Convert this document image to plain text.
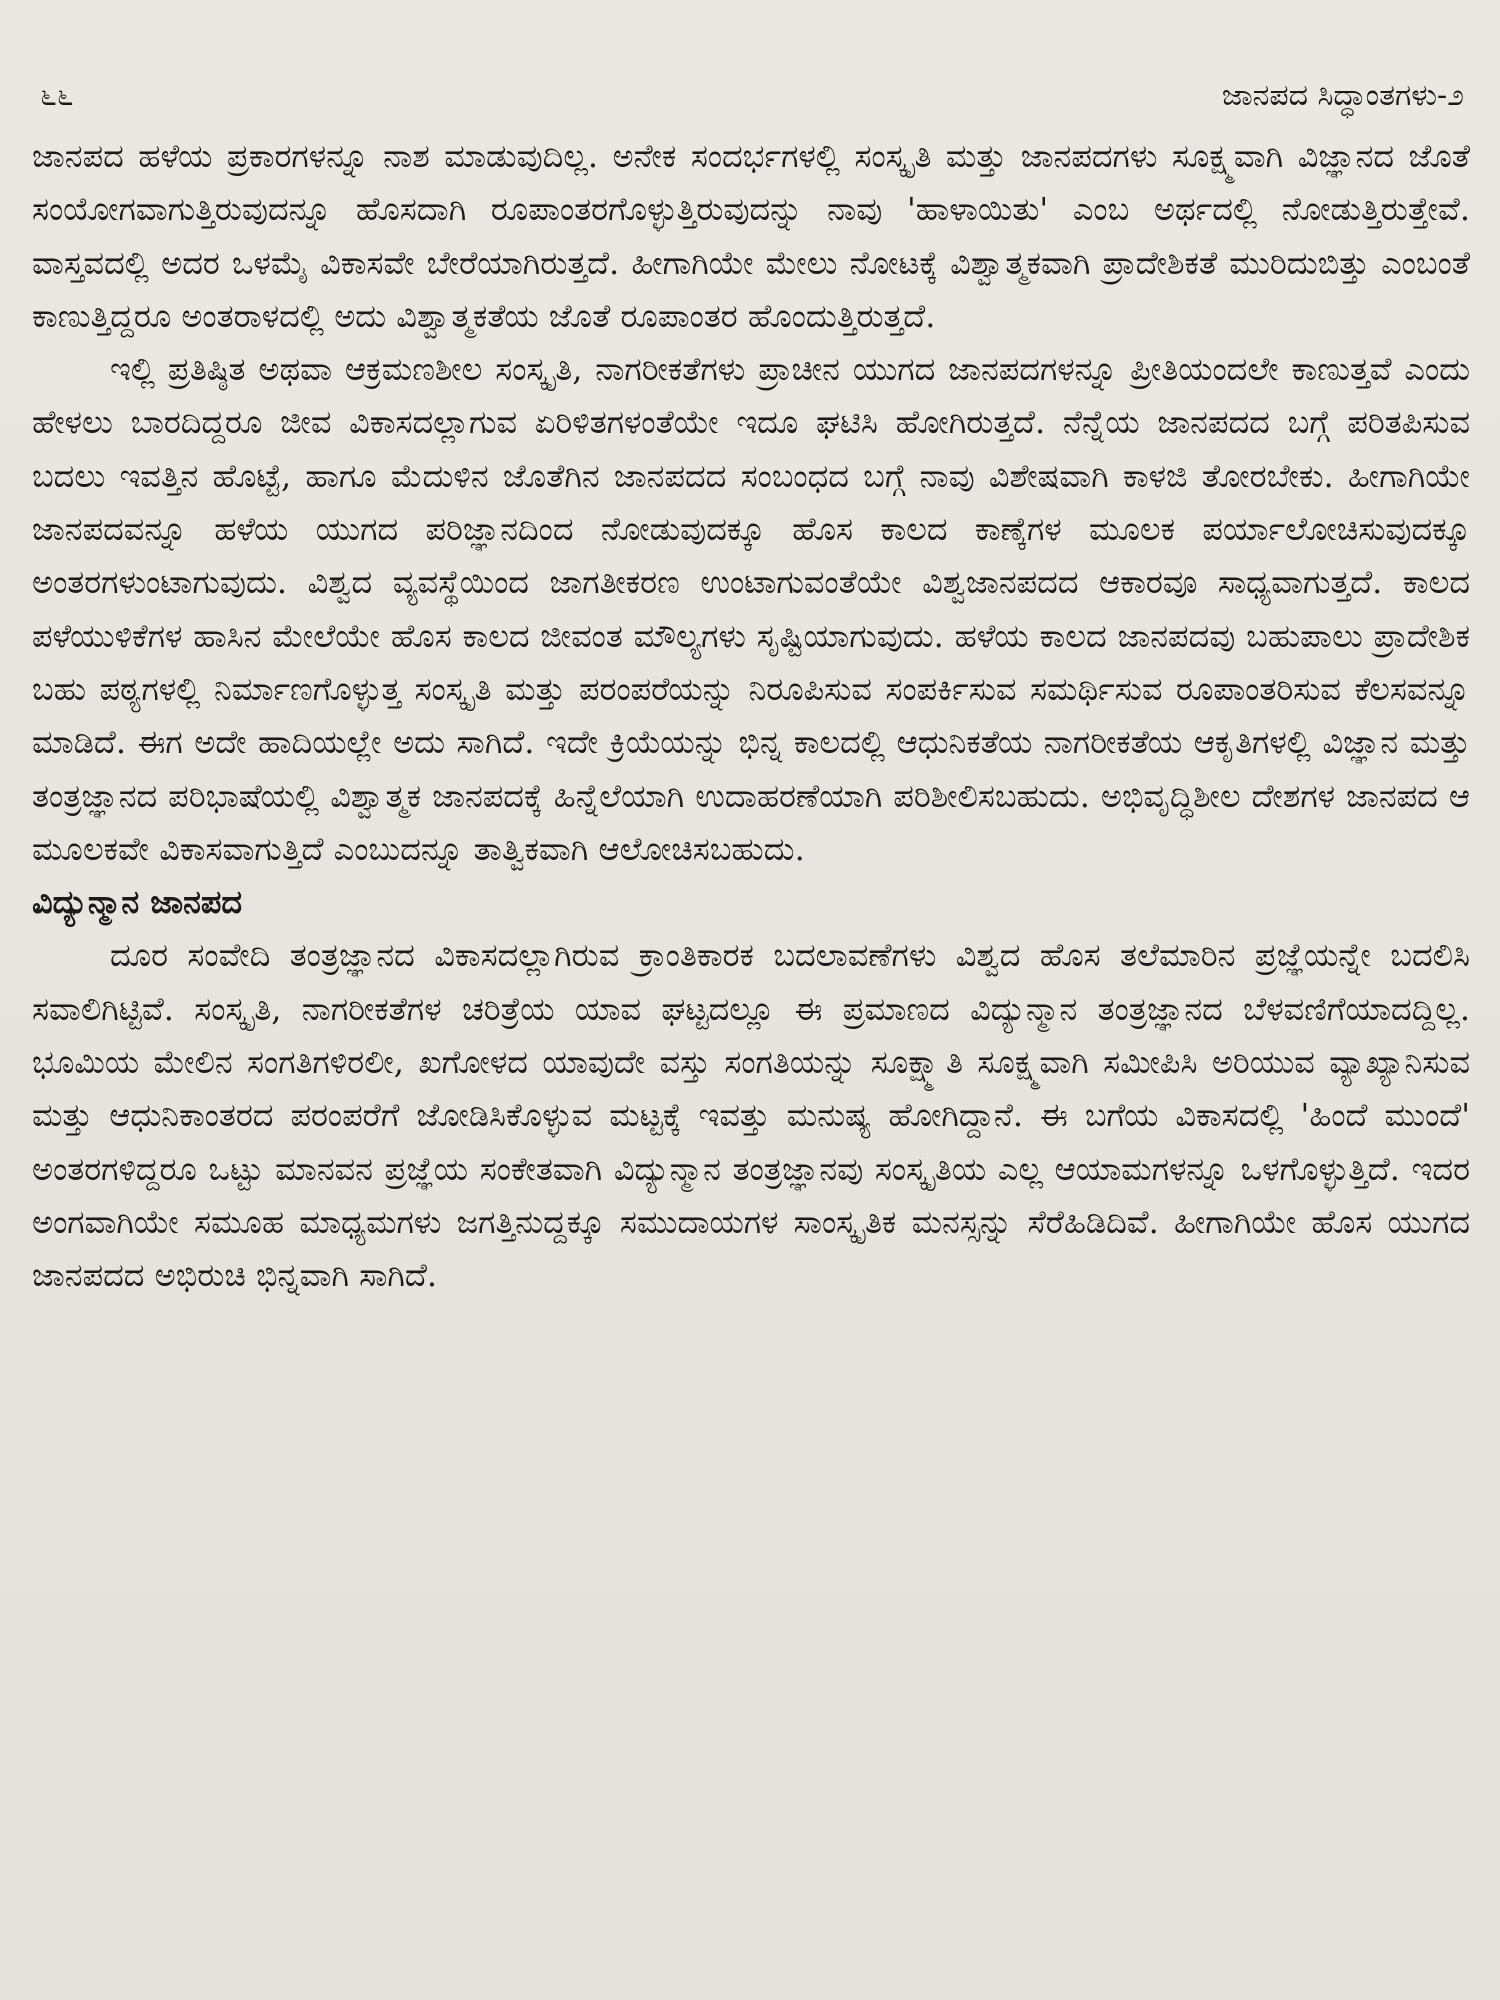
೬೬	ಜಾನಪದ ಸಿದ್ಧಾಂತಗಳು-೨

ಜಾನಪದ ಹಳೆಯ ಪ್ರಕಾರಗಳನ್ನೂ ನಾಶ ಮಾಡುವುದಿಲ್ಲ. ಅನೇಕ ಸಂದರ್ಭಗಳಲ್ಲಿ ಸಂಸ್ಕೃತಿ ಮತ್ತು ಜಾನಪದಗಳು ಸೂಕ್ಷ್ಮವಾಗಿ ವಿಜ್ಞಾನದ ಜೊತೆ ಸಂಯೋಗವಾಗುತ್ತಿರುವುದನ್ನೂ ಹೊಸದಾಗಿ ರೂಪಾಂತರಗೊಳ್ಳುತ್ತಿರುವುದನ್ನು ನಾವು 'ಹಾಳಾಯಿತು' ಎಂಬ ಅರ್ಥದಲ್ಲಿ ನೋಡುತ್ತಿರುತ್ತೇವೆ. ವಾಸ್ತವದಲ್ಲಿ ಅದರ ಒಳಮೈ ವಿಕಾಸವೇ ಬೇರೆಯಾಗಿರುತ್ತದೆ. ಹೀಗಾಗಿಯೇ ಮೇಲು ನೋಟಕ್ಕೆ ವಿಶ್ವಾತ್ಮಕವಾಗಿ ಪ್ರಾದೇಶಿಕತೆ ಮುರಿದುಬಿತ್ತು ಎಂಬಂತೆ ಕಾಣುತ್ತಿದ್ದರೂ ಅಂತರಾಳದಲ್ಲಿ ಅದು ವಿಶ್ವಾತ್ಮಕತೆಯ ಜೊತೆ ರೂಪಾಂತರ ಹೊಂದುತ್ತಿರುತ್ತದೆ.

ಇಲ್ಲಿ ಪ್ರತಿಷ್ಠಿತ ಅಥವಾ ಆಕ್ರಮಣಶೀಲ ಸಂಸ್ಕೃತಿ, ನಾಗರೀಕತೆಗಳು ಪ್ರಾಚೀನ ಯುಗದ ಜಾನಪದಗಳನ್ನೂ ಪ್ರೀತಿಯಂದಲೇ ಕಾಣುತ್ತವೆ ಎಂದು ಹೇಳಲು ಬಾರದಿದ್ದರೂ ಜೀವ ವಿಕಾಸದಲ್ಲಾಗುವ ಏರಿಳಿತಗಳಂತೆಯೇ ಇದೂ ಘಟಿಸಿ ಹೋಗಿರುತ್ತದೆ. ನೆನ್ನೆಯ ಜಾನಪದದ ಬಗ್ಗೆ ಪರಿತಪಿಸುವ ಬದಲು ಇವತ್ತಿನ ಹೊಟ್ಟೆ, ಹಾಗೂ ಮೆದುಳಿನ ಜೊತೆಗಿನ ಜಾನಪದದ ಸಂಬಂಧದ ಬಗ್ಗೆ ನಾವು ವಿಶೇಷವಾಗಿ ಕಾಳಜಿ ತೋರಬೇಕು. ಹೀಗಾಗಿಯೇ ಜಾನಪದವನ್ನೂ ಹಳೆಯ ಯುಗದ ಪರಿಜ್ಞಾನದಿಂದ ನೋಡುವುದಕ್ಕೂ ಹೊಸ ಕಾಲದ ಕಾಣ್ಕೆಗಳ ಮೂಲಕ ಪರ್ಯಾಲೋಚಿಸುವುದಕ್ಕೂ ಅಂತರಗಳುಂಟಾಗುವುದು. ವಿಶ್ವದ ವ್ಯವಸ್ಥೆಯಿಂದ ಜಾಗತೀಕರಣ ಉಂಟಾಗುವಂತೆಯೇ ವಿಶ್ವಜಾನಪದದ ಆಕಾರವೂ ಸಾಧ್ಯವಾಗುತ್ತದೆ. ಕಾಲದ ಪಳೆಯುಳಿಕೆಗಳ ಹಾಸಿನ ಮೇಲೆಯೇ ಹೊಸ ಕಾಲದ ಜೀವಂತ ಮೌಲ್ಯಗಳು ಸೃಷ್ಟಿಯಾಗುವುದು. ಹಳೆಯ ಕಾಲದ ಜಾನಪದವು ಬಹುಪಾಲು ಪ್ರಾದೇಶಿಕ ಬಹು ಪಠ್ಯಗಳಲ್ಲಿ ನಿರ್ಮಾಣಗೊಳ್ಳುತ್ತ ಸಂಸ್ಕೃತಿ ಮತ್ತು ಪರಂಪರೆಯನ್ನು ನಿರೂಪಿಸುವ ಸಂಪರ್ಕಿಸುವ ಸಮರ್ಥಿಸುವ ರೂಪಾಂತರಿಸುವ ಕೆಲಸವನ್ನೂ ಮಾಡಿದೆ. ಈಗ ಅದೇ ಹಾದಿಯಲ್ಲೇ ಅದು ಸಾಗಿದೆ. ಇದೇ ಕ್ರಿಯೆಯನ್ನು ಭಿನ್ನ ಕಾಲದಲ್ಲಿ ಆಧುನಿಕತೆಯ ನಾಗರೀಕತೆಯ ಆಕೃತಿಗಳಲ್ಲಿ ವಿಜ್ಞಾನ ಮತ್ತು ತಂತ್ರಜ್ಞಾನದ ಪರಿಭಾಷೆಯಲ್ಲಿ ವಿಶ್ವಾತ್ಮಕ ಜಾನಪದಕ್ಕೆ ಹಿನ್ನೆಲೆಯಾಗಿ ಉದಾಹರಣೆಯಾಗಿ ಪರಿಶೀಲಿಸಬಹುದು. ಅಭಿವೃದ್ಧಿಶೀಲ ದೇಶಗಳ ಜಾನಪದ ಆ ಮೂಲಕವೇ ವಿಕಾಸವಾಗುತ್ತಿದೆ ಎಂಬುದನ್ನೂ ತಾತ್ವಿಕವಾಗಿ ಆಲೋಚಿಸಬಹುದು.

ವಿದ್ಯುನ್ಮಾನ ಜಾನಪದ

ದೂರ ಸಂವೇದಿ ತಂತ್ರಜ್ಞಾನದ ವಿಕಾಸದಲ್ಲಾಗಿರುವ ಕ್ರಾಂತಿಕಾರಕ ಬದಲಾವಣೆಗಳು ವಿಶ್ವದ ಹೊಸ ತಲೆಮಾರಿನ ಪ್ರಜ್ಞೆಯನ್ನೇ ಬದಲಿಸಿ ಸವಾಲಿಗಿಟ್ಟಿವೆ. ಸಂಸ್ಕೃತಿ, ನಾಗರೀಕತೆಗಳ ಚರಿತ್ರೆಯ ಯಾವ ಘಟ್ಟದಲ್ಲೂ ಈ ಪ್ರಮಾಣದ ವಿದ್ಯುನ್ಮಾನ ತಂತ್ರಜ್ಞಾನದ ಬೆಳವಣಿಗೆಯಾದದ್ದಿಲ್ಲ. ಭೂಮಿಯ ಮೇಲಿನ ಸಂಗತಿಗಳಿರಲೀ, ಖಗೋಳದ ಯಾವುದೇ ವಸ್ತು ಸಂಗತಿಯನ್ನು ಸೂಕ್ಷ್ಮಾತಿ ಸೂಕ್ಷ್ಮವಾಗಿ ಸಮೀಪಿಸಿ ಅರಿಯುವ ವ್ಯಾಖ್ಯಾನಿಸುವ ಮತ್ತು ಆಧುನಿಕಾಂತರದ ಪರಂಪರೆಗೆ ಜೋಡಿಸಿಕೊಳ್ಳುವ ಮಟ್ಟಕ್ಕೆ ಇವತ್ತು ಮನುಷ್ಯ ಹೋಗಿದ್ದಾನೆ. ಈ ಬಗೆಯ ವಿಕಾಸದಲ್ಲಿ 'ಹಿಂದೆ ಮುಂದೆ' ಅಂತರಗಳಿದ್ದರೂ ಒಟ್ಟು ಮಾನವನ ಪ್ರಜ್ಞೆಯ ಸಂಕೇತವಾಗಿ ವಿದ್ಯುನ್ಮಾನ ತಂತ್ರಜ್ಞಾನವು ಸಂಸ್ಕೃತಿಯ ಎಲ್ಲ ಆಯಾಮಗಳನ್ನೂ ಒಳಗೊಳ್ಳುತ್ತಿದೆ. ಇದರ ಅಂಗವಾಗಿಯೇ ಸಮೂಹ ಮಾಧ್ಯಮಗಳು ಜಗತ್ತಿನುದ್ದಕ್ಕೂ ಸಮುದಾಯಗಳ ಸಾಂಸ್ಕೃತಿಕ ಮನಸ್ಸನ್ನು ಸೆರೆಹಿಡಿದಿವೆ. ಹೀಗಾಗಿಯೇ ಹೊಸ ಯುಗದ ಜಾನಪದದ ಅಭಿರುಚಿ ಭಿನ್ನವಾಗಿ ಸಾಗಿದೆ.
